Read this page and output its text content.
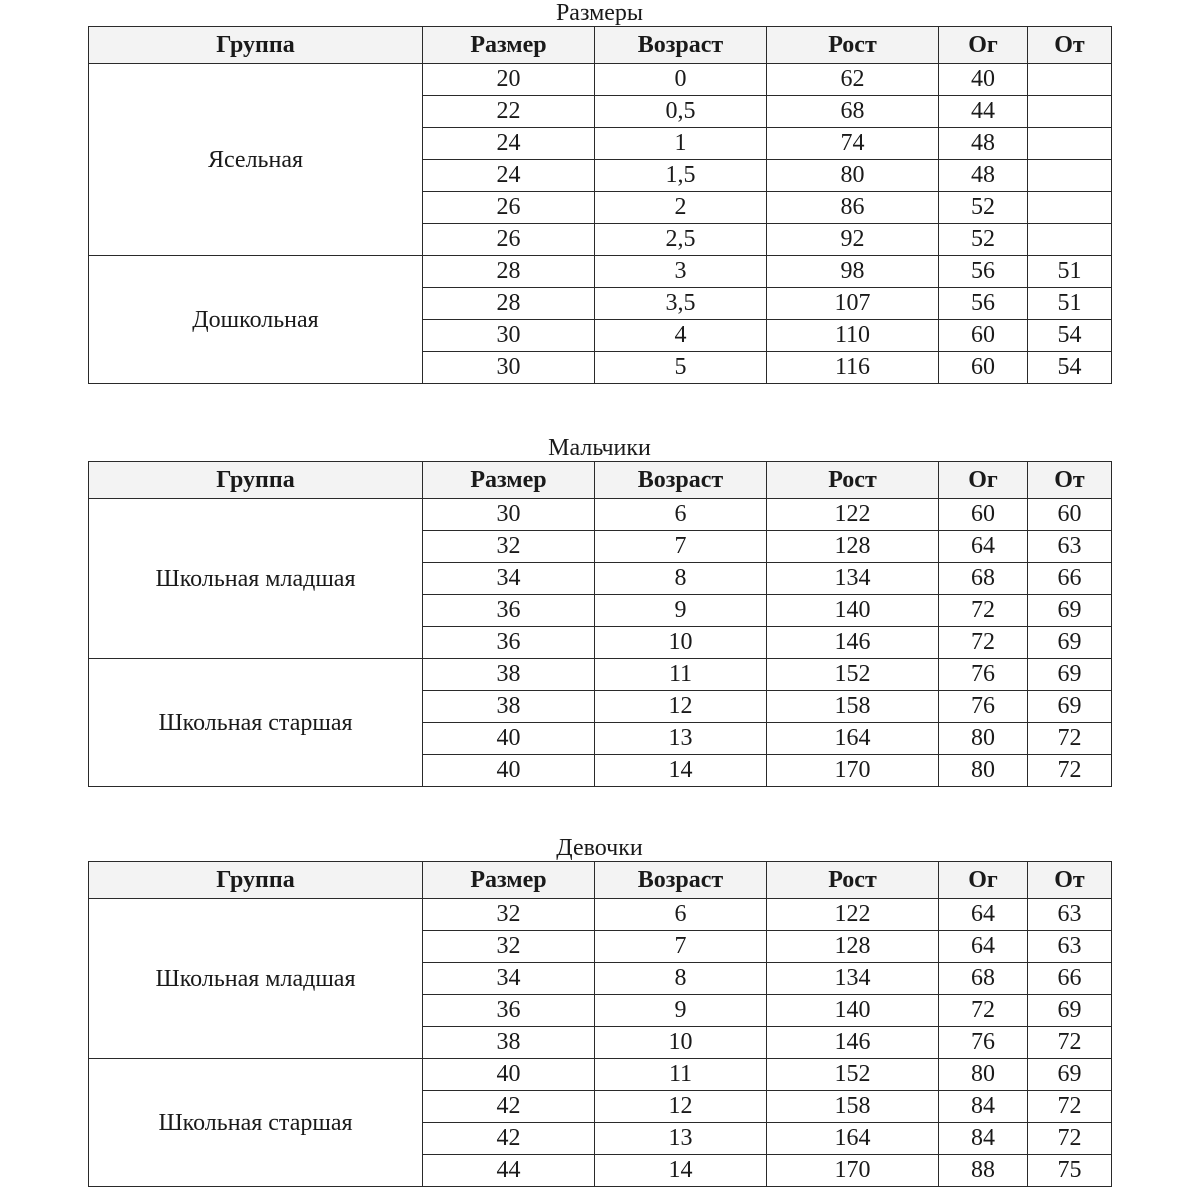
Размеры
Группа	Размер	Возраст	Рост	Ог	От
Ясельная	20	0	62	40	
	22	0,5	68	44	
	24	1	74	48	
	24	1,5	80	48	
	26	2	86	52	
	26	2,5	92	52	
Дошкольная	28	3	98	56	51
	28	3,5	107	56	51
	30	4	110	60	54
	30	5	116	60	54
Мальчики
Группа	Размер	Возраст	Рост	Ог	От
Школьная младшая	30	6	122	60	60
	32	7	128	64	63
	34	8	134	68	66
	36	9	140	72	69
	36	10	146	72	69
Школьная старшая	38	11	152	76	69
	38	12	158	76	69
	40	13	164	80	72
	40	14	170	80	72
Девочки
Группа	Размер	Возраст	Рост	Ог	От
Школьная младшая	32	6	122	64	63
	32	7	128	64	63
	34	8	134	68	66
	36	9	140	72	69
	38	10	146	76	72
Школьная старшая	40	11	152	80	69
	42	12	158	84	72
	42	13	164	84	72
	44	14	170	88	75
